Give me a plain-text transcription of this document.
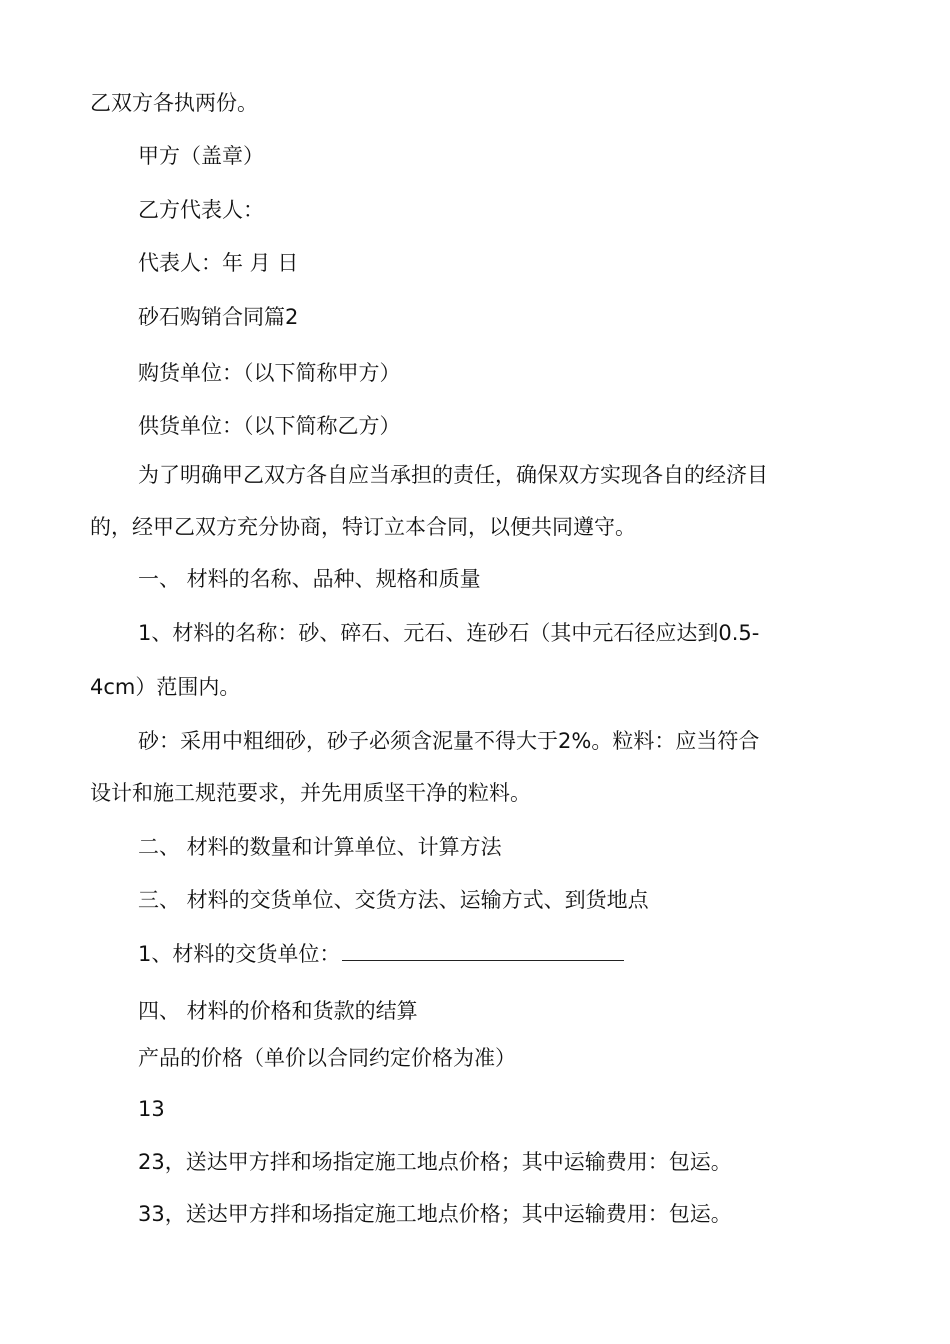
乙双方各执两份。
甲方（盖章）
乙方代表人：
代表人：年 月 日
砂石购销合同篇2
购货单位：（以下简称甲方）
供货单位：（以下简称乙方）
为了明确甲乙双方各自应当承担的责任，确保双方实现各自的经济目
的，经甲乙双方充分协商，特订立本合同，以便共同遵守。
一、 材料的名称、品种、规格和质量
1、材料的名称：砂、碎石、元石、连砂石（其中元石径应达到0.5-
4cm）范围内。
砂：采用中粗细砂，砂子必须含泥量不得大于2%。粒料：应当符合
设计和施工规范要求，并先用质坚干净的粒料。
二、 材料的数量和计算单位、计算方法
三、 材料的交货单位、交货方法、运输方式、到货地点
1、材料的交货单位：
四、 材料的价格和货款的结算
产品的价格（单价以合同约定价格为准）
13
23，送达甲方拌和场指定施工地点价格；其中运输费用：包运。
33，送达甲方拌和场指定施工地点价格；其中运输费用：包运。
